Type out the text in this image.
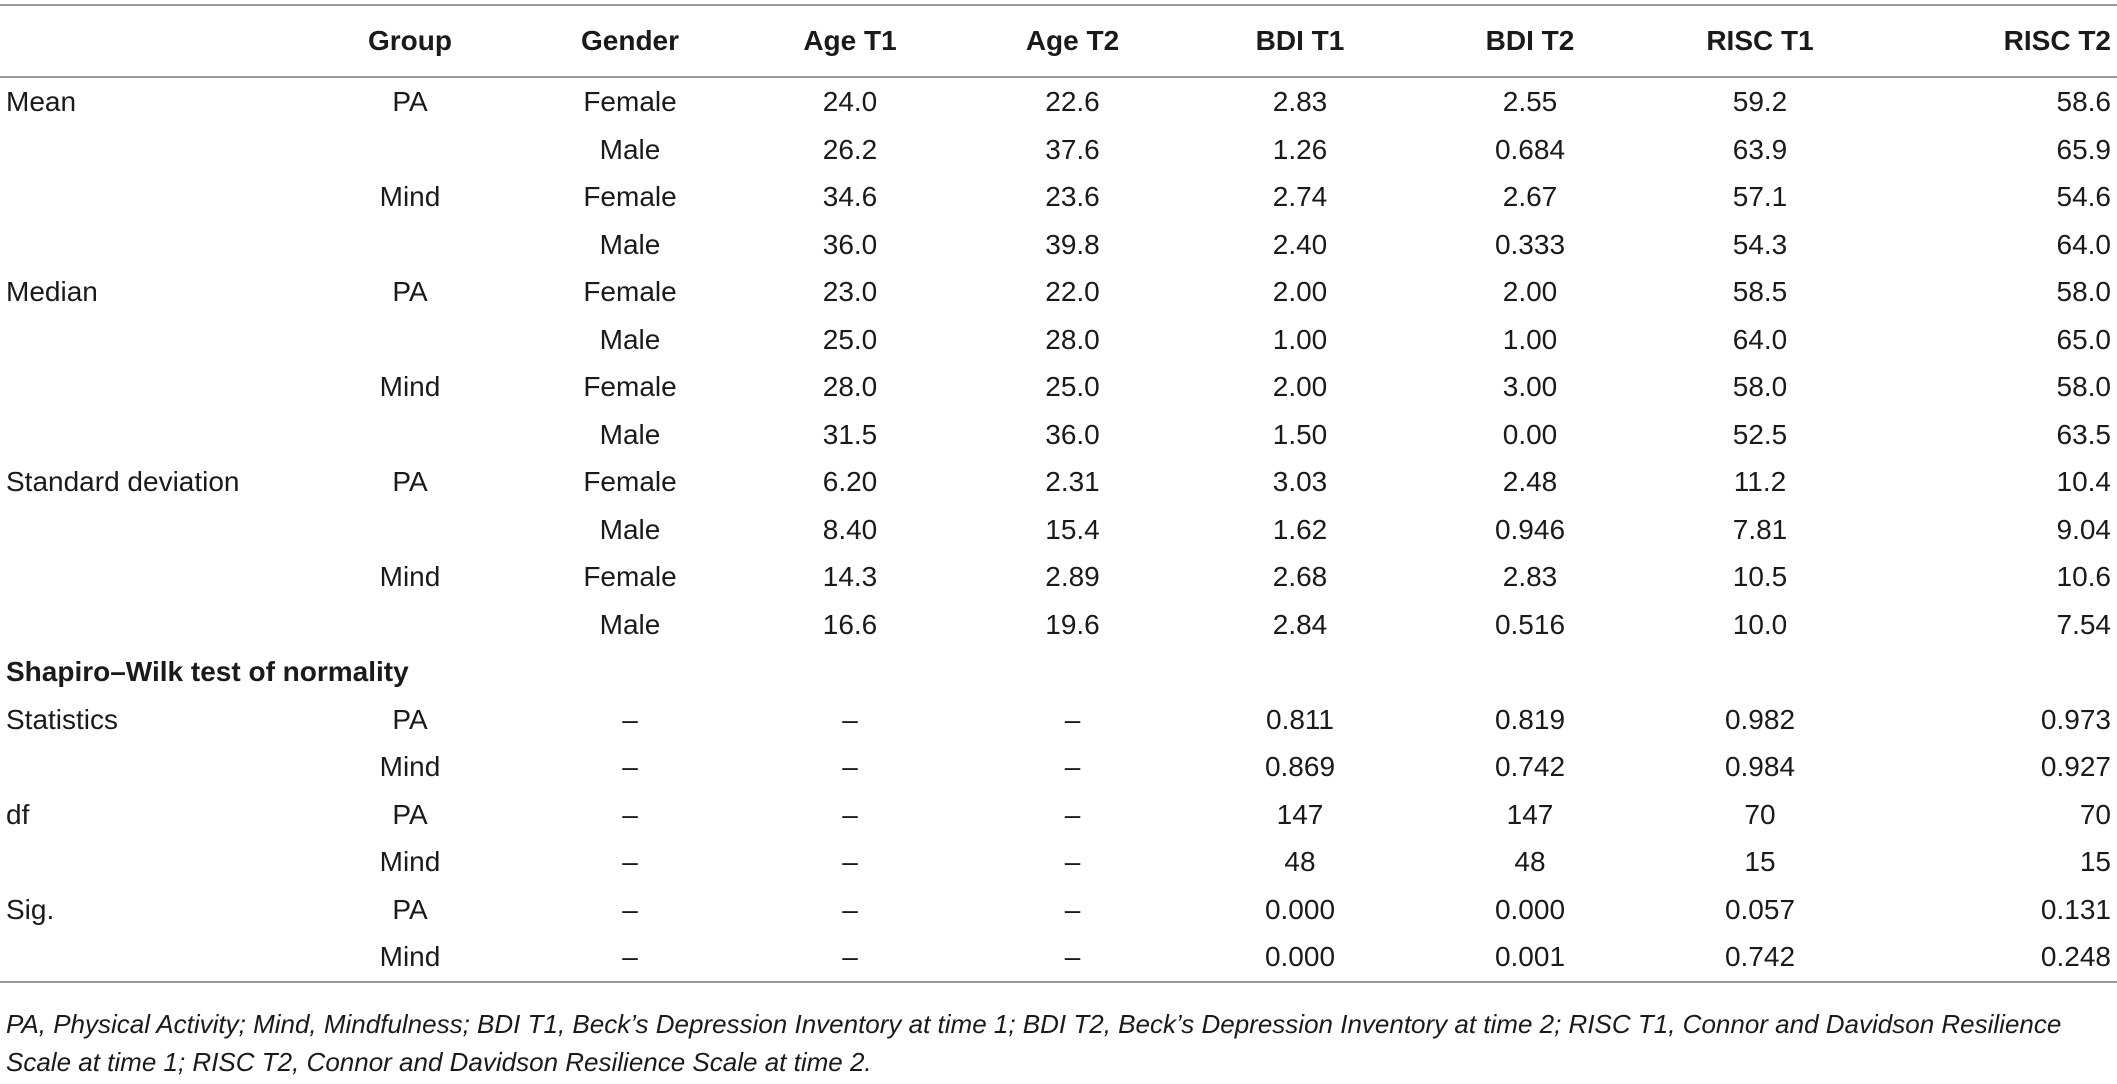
	Group	Gender	Age T1	Age T2	BDI T1	BDI T2	RISC T1	RISC T2
Mean	PA	Female	24.0	22.6	2.83	2.55	59.2	58.6
		Male	26.2	37.6	1.26	0.684	63.9	65.9
	Mind	Female	34.6	23.6	2.74	2.67	57.1	54.6
		Male	36.0	39.8	2.40	0.333	54.3	64.0
Median	PA	Female	23.0	22.0	2.00	2.00	58.5	58.0
		Male	25.0	28.0	1.00	1.00	64.0	65.0
	Mind	Female	28.0	25.0	2.00	3.00	58.0	58.0
		Male	31.5	36.0	1.50	0.00	52.5	63.5
Standard deviation	PA	Female	6.20	2.31	3.03	2.48	11.2	10.4
		Male	8.40	15.4	1.62	0.946	7.81	9.04
	Mind	Female	14.3	2.89	2.68	2.83	10.5	10.6
		Male	16.6	19.6	2.84	0.516	10.0	7.54
Shapiro–Wilk test of normality								
Statistics	PA	–	–	–	0.811	0.819	0.982	0.973
	Mind	–	–	–	0.869	0.742	0.984	0.927
df	PA	–	–	–	147	147	70	70
	Mind	–	–	–	48	48	15	15
Sig.	PA	–	–	–	0.000	0.000	0.057	0.131
	Mind	–	–	–	0.000	0.001	0.742	0.248
PA, Physical Activity; Mind, Mindfulness; BDI T1, Beck’s Depression Inventory at time 1; BDI T2, Beck’s Depression Inventory at time 2; RISC T1, Connor and Davidson Resilience Scale at time 1; RISC T2, Connor and Davidson Resilience Scale at time 2.
